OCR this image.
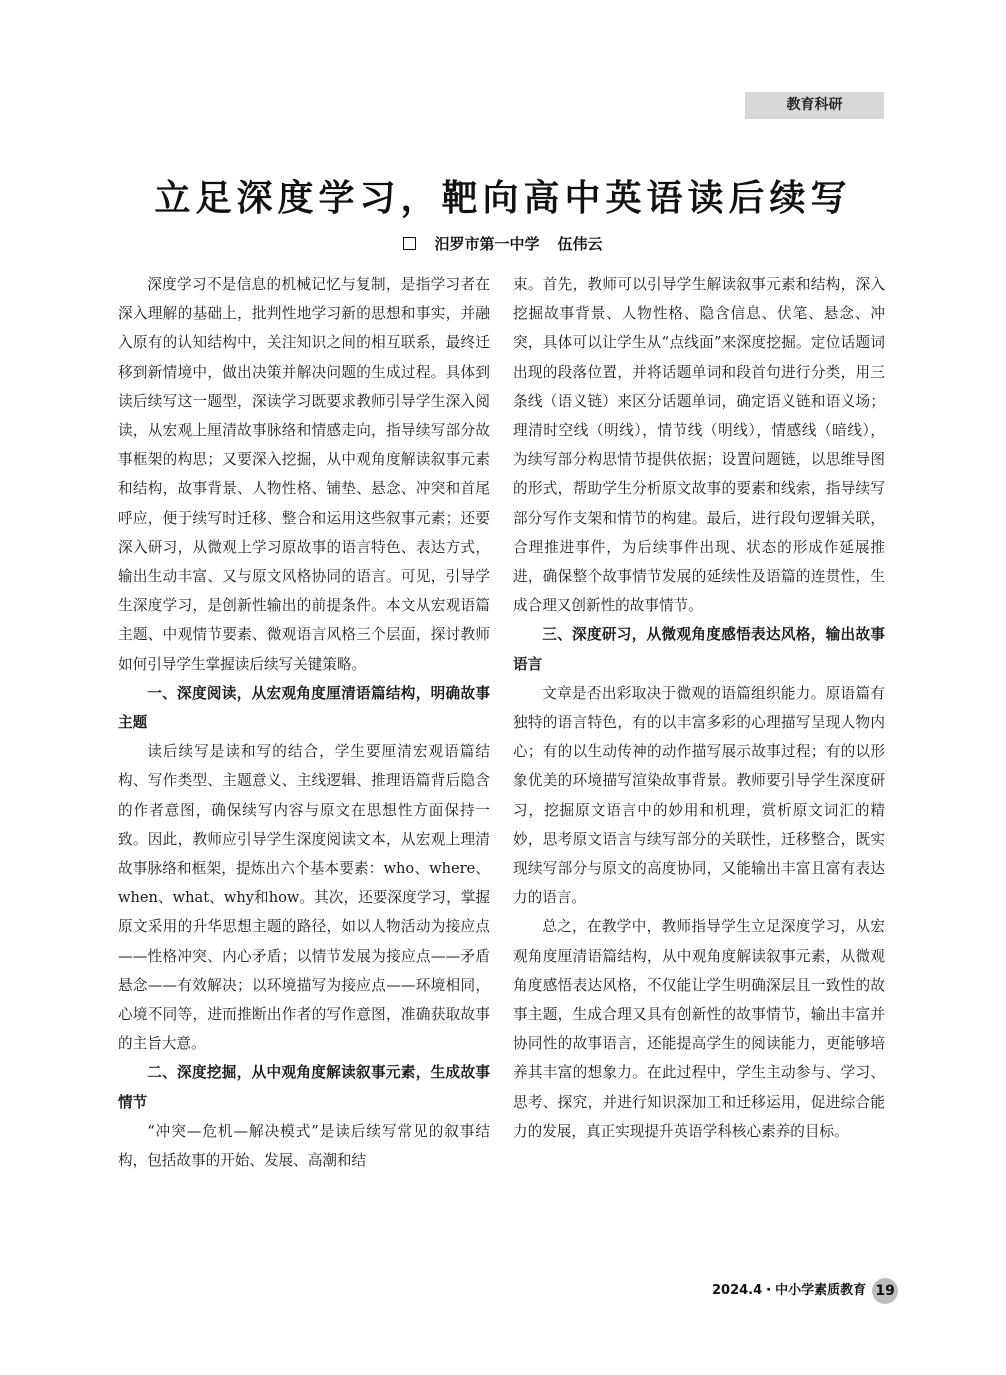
教育科研
立足深度学习，靶向高中英语读后续写
汨罗市第一中学 伍伟云

深度学习不是信息的机械记忆与复制，是指学习者在深入理解的基础上，批判性地学习新的思想和事实，并融入原有的认知结构中，关注知识之间的相互联系，最终迁移到新情境中，做出决策并解决问题的生成过程。具体到读后续写这一题型，深读学习既要求教师引导学生深入阅读，从宏观上厘清故事脉络和情感走向，指导续写部分故事框架的构思；又要深入挖掘，从中观角度解读叙事元素和结构，故事背景、人物性格、铺垫、悬念、冲突和首尾呼应，便于续写时迁移、整合和运用这些叙事元素；还要深入研习，从微观上学习原故事的语言特色、表达方式，输出生动丰富、又与原文风格协同的语言。可见，引导学生深度学习，是创新性输出的前提条件。本文从宏观语篇主题、中观情节要素、微观语言风格三个层面，探讨教师如何引导学生掌握读后续写关键策略。

一、深度阅读，从宏观角度厘清语篇结构，明确故事主题

读后续写是读和写的结合，学生要厘清宏观语篇结构、写作类型、主题意义、主线逻辑、推理语篇背后隐含的作者意图，确保续写内容与原文在思想性方面保持一致。因此，教师应引导学生深度阅读文本，从宏观上理清故事脉络和框架，提炼出六个基本要素：who、where、when、what、why和how。其次，还要深度学习，掌握原文采用的升华思想主题的路径，如以人物活动为接应点——性格冲突、内心矛盾；以情节发展为接应点——矛盾悬念——有效解决；以环境描写为接应点——环境相同，心境不同等，进而推断出作者的写作意图，准确获取故事的主旨大意。

二、深度挖掘，从中观角度解读叙事元素，生成故事情节

“冲突—危机—解决模式”是读后续写常见的叙事结构，包括故事的开始、发展、高潮和结

束。首先，教师可以引导学生解读叙事元素和结构，深入挖掘故事背景、人物性格、隐含信息、伏笔、悬念、冲突，具体可以让学生从“点线面”来深度挖掘。定位话题词出现的段落位置，并将话题单词和段首句进行分类，用三条线（语义链）来区分话题单词，确定语义链和语义场；理清时空线（明线），情节线（明线），情感线（暗线），为续写部分构思情节提供依据；设置问题链，以思维导图的形式，帮助学生分析原文故事的要素和线索，指导续写部分写作支架和情节的构建。最后，进行段句逻辑关联，合理推进事件，为后续事件出现、状态的形成作延展推进，确保整个故事情节发展的延续性及语篇的连贯性，生成合理又创新性的故事情节。

三、深度研习，从微观角度感悟表达风格，输出故事语言

文章是否出彩取决于微观的语篇组织能力。原语篇有独特的语言特色，有的以丰富多彩的心理描写呈现人物内心；有的以生动传神的动作描写展示故事过程；有的以形象优美的环境描写渲染故事背景。教师要引导学生深度研习，挖掘原文语言中的妙用和机理，赏析原文词汇的精妙，思考原文语言与续写部分的关联性，迁移整合，既实现续写部分与原文的高度协同，又能输出丰富且富有表达力的语言。

总之，在教学中，教师指导学生立足深度学习，从宏观角度厘清语篇结构，从中观角度解读叙事元素，从微观角度感悟表达风格，不仅能让学生明确深层且一致性的故事主题，生成合理又具有创新性的故事情节，输出丰富并协同性的故事语言，还能提高学生的阅读能力，更能够培养其丰富的想象力。在此过程中，学生主动参与、学习、思考、探究，并进行知识深加工和迁移运用，促进综合能力的发展，真正实现提升英语学科核心素养的目标。

2024.4・中小学素质教育 19
